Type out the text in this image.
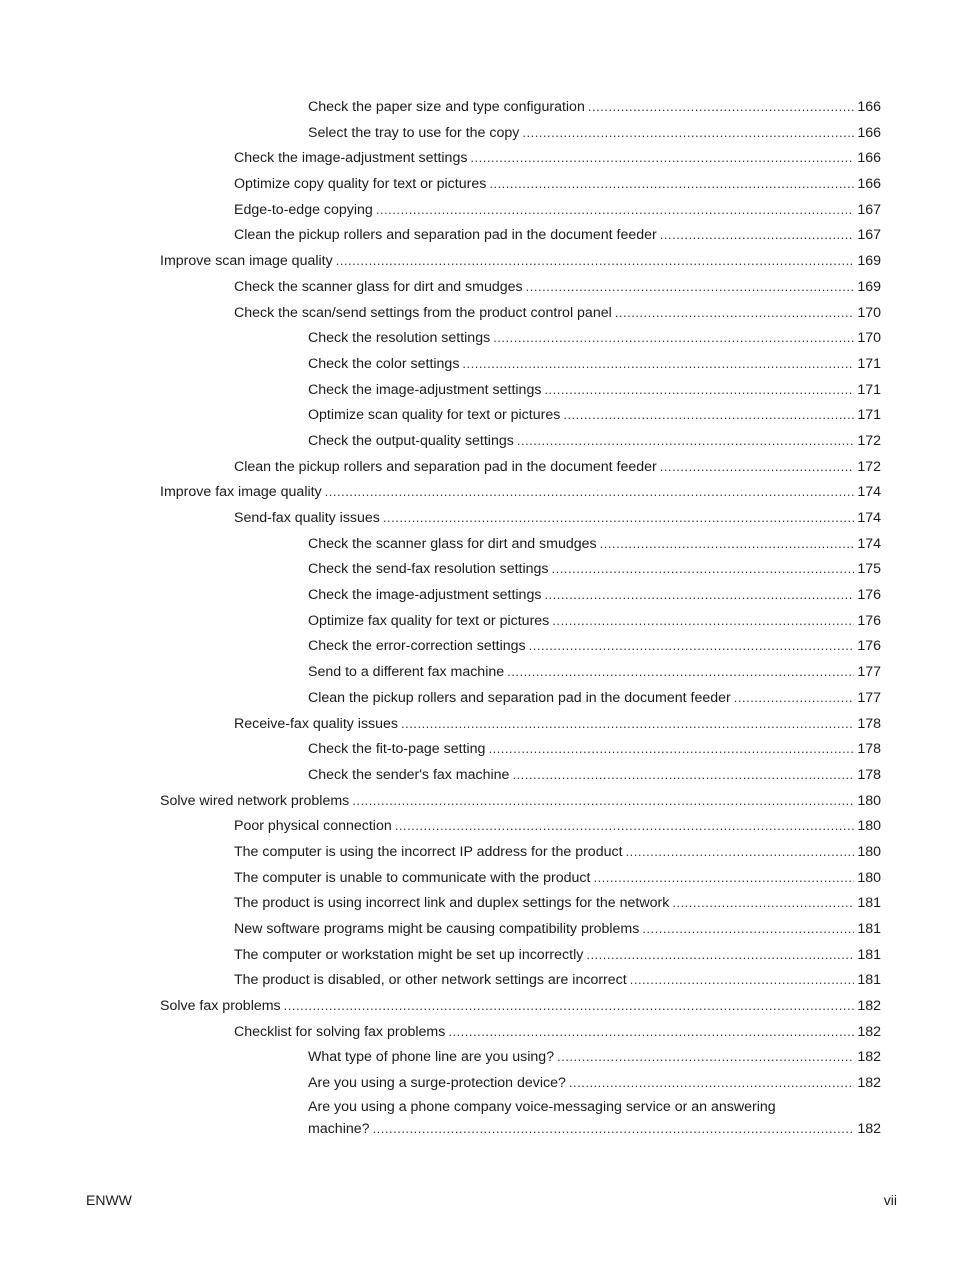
Check the paper size and type configuration .....	166
Select the tray to use for the copy .....	166
Check the image-adjustment settings .....	166
Optimize copy quality for text or pictures .....	166
Edge-to-edge copying .....	167
Clean the pickup rollers and separation pad in the document feeder .....	167
Improve scan image quality .....	169
Check the scanner glass for dirt and smudges .....	169
Check the scan/send settings from the product control panel .....	170
Check the resolution settings .....	170
Check the color settings .....	171
Check the image-adjustment settings .....	171
Optimize scan quality for text or pictures .....	171
Check the output-quality settings .....	172
Clean the pickup rollers and separation pad in the document feeder .....	172
Improve fax image quality .....	174
Send-fax quality issues .....	174
Check the scanner glass for dirt and smudges .....	174
Check the send-fax resolution settings .....	175
Check the image-adjustment settings .....	176
Optimize fax quality for text or pictures .....	176
Check the error-correction settings .....	176
Send to a different fax machine .....	177
Clean the pickup rollers and separation pad in the document feeder .....	177
Receive-fax quality issues .....	178
Check the fit-to-page setting .....	178
Check the sender's fax machine .....	178
Solve wired network problems .....	180
Poor physical connection .....	180
The computer is using the incorrect IP address for the product .....	180
The computer is unable to communicate with the product .....	180
The product is using incorrect link and duplex settings for the network .....	181
New software programs might be causing compatibility problems .....	181
The computer or workstation might be set up incorrectly .....	181
The product is disabled, or other network settings are incorrect .....	181
Solve fax problems .....	182
Checklist for solving fax problems .....	182
What type of phone line are you using? .....	182
Are you using a surge-protection device? .....	182
Are you using a phone company voice-messaging service or an answering
machine? .....	182
ENWW	vii
